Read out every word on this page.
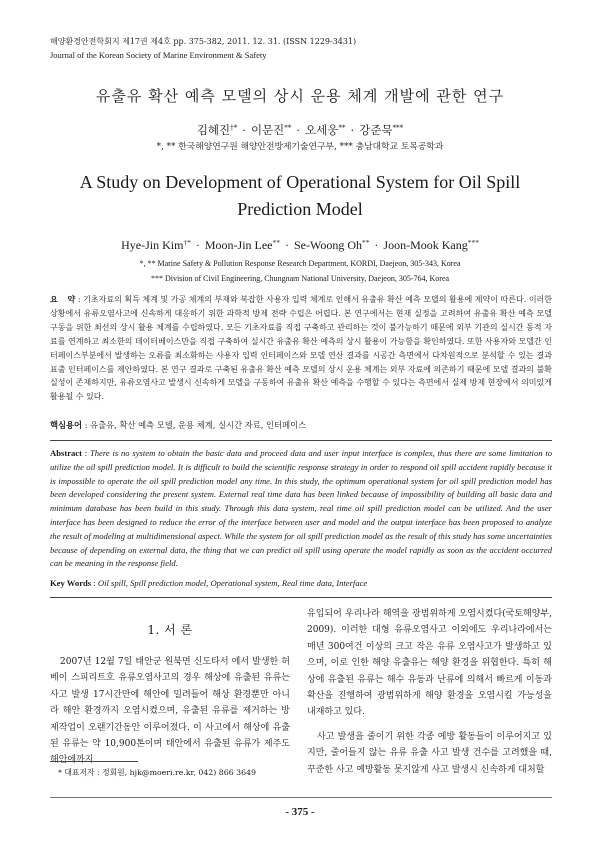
해양환경안전학회지 제17권 제4호 pp. 375-382, 2011. 12. 31. (ISSN 1229-3431)
Journal of the Korean Society of Marine Environment & Safety
유출유 확산 예측 모델의 상시 운용 체계 개발에 관한 연구
김혜진†* · 이문진** · 오세웅** · 강준묵***
*, ** 한국해양연구원 해양안전방제기술연구부, *** 충남대학교 토목공학과
A Study on Development of Operational System for Oil Spill Prediction Model
Hye-Jin Kim†* · Moon-Jin Lee** · Se-Woong Oh** · Joon-Mook Kang***
*, ** Marine Safety & Pollution Response Research Department, KORDI, Daejeon, 305-343, Korea
*** Division of Civil Engineering, Chungnam National University, Daejeon, 305-764, Korea

요 약 : 기초자료의 획득 체계 및 가공 체계의 부재와 복잡한 사용자 입력 체계로 인해서 유출유 확산 예측 모델의 활용에 제약이 따른다. 이러한 상황에서 유류오염사고에 신속하게 대응하기 위한 과학적 방제 전략 수립은 어렵다. 본 연구에서는 현재 실정을 고려하여 유출유 확산 예측 모델 구동을 위한 최선의 상시 활용 체계를 수립하였다. 모든 기초자료를 직접 구축하고 관리하는 것이 불가능하기 때문에 외부 기관의 실시간 동적 자료를 연계하고 최소한의 데이터베이스만을 직접 구축하여 실시간 유출유 확산 예측의 상시 활용이 가능함을 확인하였다. 또한 사용자와 모델간 인터페이스부분에서 발생하는 오류를 최소화하는 사용자 입력 인터페이스와 모델 연산 결과를 시공간 측면에서 다차원적으로 분석할 수 있는 결과 표출 인터페이스를 제안하였다. 본 연구 결과로 구축된 유출유 확산 예측 모델의 상시 운용 체계는 외부 자료에 의존하기 때문에 모델 결과의 불확실성이 존재하지만, 유류오염사고 발생시 신속하게 모델을 구동하여 유출유 확산 예측을 수행할 수 있다는 측면에서 실제 방제 현장에서 의미있게 활용될 수 있다.

핵심용어 : 유출유, 확산 예측 모델, 운용 체계, 실시간 자료, 인터페이스

Abstract : There is no system to obtain the basic data and proceed data and user input interface is complex, thus there are some limitation to utilize the oil spill prediction model. It is difficult to build the scientific response strategy in order to respond oil spill accident rapidly because it is impossible to operate the oil spill prediction model any time. In this study, the optimum operational system for oil spill prediction model has been developed considering the present system. External real time data has been linked because of impossibility of building all basic data and minimum database has been build in this study. Through this data system, real time oil spill prediction model can be utilized. And the user interface has been designed to reduce the error of the interface between user and model and the output interface has been proposed to analyze the result of modeling at multidimensional aspect. While the system for oil spill prediction model as the result of this study has some uncertainties because of depending on external data, the thing that we can predict oil spill using operate the model rapidly as soon as the accident occurred can be meaning in the response field.

Key Words : Oil spill, Spill prediction model, Operational system, Real time data, Interface
1. 서 론

2007년 12월 7일 태안군 원북면 신도타서 에서 발생한 허베이 스피리트호 유류오염사고의 경우 해상에 유출된 유류는 사고 발생 17시간만에 해안에 밀려들어 해상 환경뿐만 아니라 해안 환경까지 오염시켰으며, 유출된 유류를 제거하는 방제작업이 오랜기간동안 이루어졌다. 이 사고에서 해상에 유출된 유류는 약 10,900톤이며 태안에서 유출된 유류가 제주도 해안에까지

유입되어 우리나라 해역을 광범위하게 오염시켰다(국토해양부, 2009). 이러한 대형 유류오염사고 이외에도 우리나라에서는 매년 300여건 이상의 크고 작은 유류 오염사고가 발생하고 있으며, 이로 인한 해양 유출유는 해양 환경을 위협한다. 특히 해상에 유출된 유류는 해수 유동과 난류에 의해서 빠르게 이동과 확산을 진행하여 광범위하게 해양 환경을 오염시킬 가능성을 내재하고 있다.

사고 발생을 줄이기 위한 각종 예방 활동들이 이루어지고 있지만, 줄어들지 않는 유류 유출 사고 발생 건수를 고려했을 때, 꾸준한 사고 예방활동 못지않게 사고 발생시 신속하게 대처할

* 대표저자 : 정회원, hjk@moeri.re.kr, 042) 866 3649
- 375 -
